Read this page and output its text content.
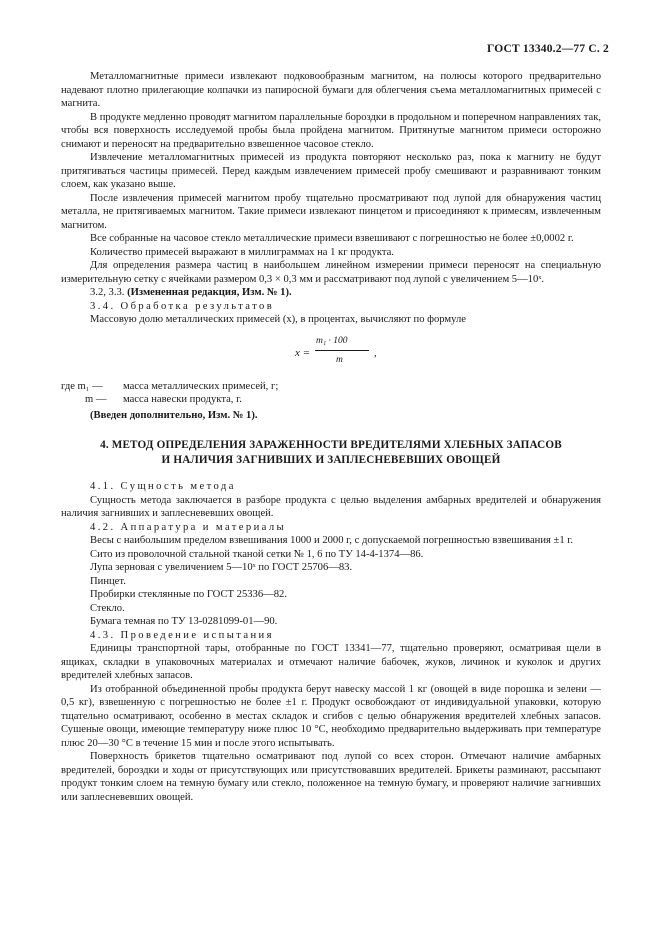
ГОСТ 13340.2—77 С. 2

Металломагнитные примеси извлекают подковообразным магнитом, на полюсы которого предварительно надевают плотно прилегающие колпачки из папиросной бумаги для облегчения съема металломагнитных примесей с магнита.

В продукте медленно проводят магнитом параллельные бороздки в продольном и поперечном направлениях так, чтобы вся поверхность исследуемой пробы была пройдена магнитом. Притянутые магнитом примеси осторожно снимают и переносят на предварительно взвешенное часовое стекло.

Извлечение металломагнитных примесей из продукта повторяют несколько раз, пока к магниту не будут притягиваться частицы примесей. Перед каждым извлечением примесей пробу смешивают и разравнивают тонким слоем, как указано выше.

После извлечения примесей магнитом пробу тщательно просматривают под лупой для обнаружения частиц металла, не притягиваемых магнитом. Такие примеси извлекают пинцетом и присоединяют к примесям, извлеченным магнитом.

Все собранные на часовое стекло металлические примеси взвешивают с погрешностью не более ±0,0002 г.

Количество примесей выражают в миллиграммах на 1 кг продукта.

Для определения размера частиц в наибольшем линейном измерении примеси переносят на специальную измерительную сетку с ячейками размером 0,3 × 0,3 мм и рассматривают под лупой с увеличением 5—10ˣ.

3.2, 3.3. (Измененная редакция, Изм. № 1).

3.4. Обработка результатов

Массовую долю металлических примесей (x), в процентах, вычисляют по формуле

x =
m₁ · 100
m
,
где m₁ —	масса металлических примесей, г;
m —	масса навески продукта, г.

(Введен дополнительно, Изм. № 1).

4. МЕТОД ОПРЕДЕЛЕНИЯ ЗАРАЖЕННОСТИ ВРЕДИТЕЛЯМИ ХЛЕБНЫХ ЗАПАСОВ
И НАЛИЧИЯ ЗАГНИВШИХ И ЗАПЛЕСНЕВЕВШИХ ОВОЩЕЙ

4.1. Сущность метода

Сущность метода заключается в разборе продукта с целью выделения амбарных вредителей и обнаружения наличия загнивших и заплесневевших овощей.

4.2. Аппаратура и материалы

Весы с наибольшим пределом взвешивания 1000 и 2000 г, с допускаемой погрешностью взвешивания ±1 г.

Сито из проволочной стальной тканой сетки № 1, 6 по ТУ 14-4-1374—86.

Лупа зерновая с увеличением 5—10ˣ по ГОСТ 25706—83.

Пинцет.

Пробирки стеклянные по ГОСТ 25336—82.

Стекло.

Бумага темная по ТУ 13-0281099-01—90.

4.3. Проведение испытания

Единицы транспортной тары, отобранные по ГОСТ 13341—77, тщательно проверяют, осматривая щели в ящиках, складки в упаковочных материалах и отмечают наличие бабочек, жуков, личинок и куколок и других вредителей хлебных запасов.

Из отобранной объединенной пробы продукта берут навеску массой 1 кг (овощей в виде порошка и зелени — 0,5 кг), взвешенную с погрешностью не более ±1 г. Продукт освобождают от индивидуальной упаковки, которую тщательно осматривают, особенно в местах складок и сгибов с целью обнаружения вредителей хлебных запасов. Сушеные овощи, имеющие температуру ниже плюс 10 °С, необходимо предварительно выдерживать при температуре плюс 20—30 °С в течение 15 мин и после этого испытывать.

Поверхность брикетов тщательно осматривают под лупой со всех сторон. Отмечают наличие амбарных вредителей, бороздки и ходы от присутствующих или присутствовавших вредителей. Брикеты разминают, рассыпают продукт тонким слоем на темную бумагу или стекло, положенное на темную бумагу, и проверяют наличие загнивших или заплесневевших овощей.
